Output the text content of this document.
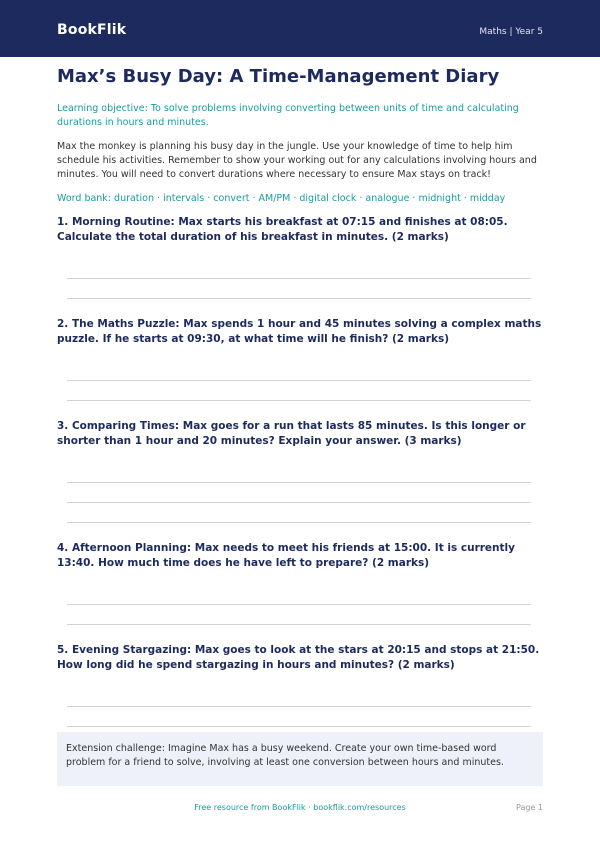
BookFlik	Maths | Year 5
Max’s Busy Day: A Time-Management Diary
Learning objective: To solve problems involving converting between units of time and calculating durations in hours and minutes.
Max the monkey is planning his busy day in the jungle. Use your knowledge of time to help him schedule his activities. Remember to show your working out for any calculations involving hours and minutes. You will need to convert durations where necessary to ensure Max stays on track!
Word bank: duration · intervals · convert · AM/PM · digital clock · analogue · midnight · midday
1. Morning Routine: Max starts his breakfast at 07:15 and finishes at 08:05. Calculate the total duration of his breakfast in minutes. (2 marks)
2. The Maths Puzzle: Max spends 1 hour and 45 minutes solving a complex maths puzzle. If he starts at 09:30, at what time will he finish? (2 marks)
3. Comparing Times: Max goes for a run that lasts 85 minutes. Is this longer or shorter than 1 hour and 20 minutes? Explain your answer. (3 marks)
4. Afternoon Planning: Max needs to meet his friends at 15:00. It is currently 13:40. How much time does he have left to prepare? (2 marks)
5. Evening Stargazing: Max goes to look at the stars at 20:15 and stops at 21:50. How long did he spend stargazing in hours and minutes? (2 marks)
Extension challenge: Imagine Max has a busy weekend. Create your own time-based word problem for a friend to solve, involving at least one conversion between hours and minutes.
Free resource from BookFlik · bookflik.com/resources	Page 1
